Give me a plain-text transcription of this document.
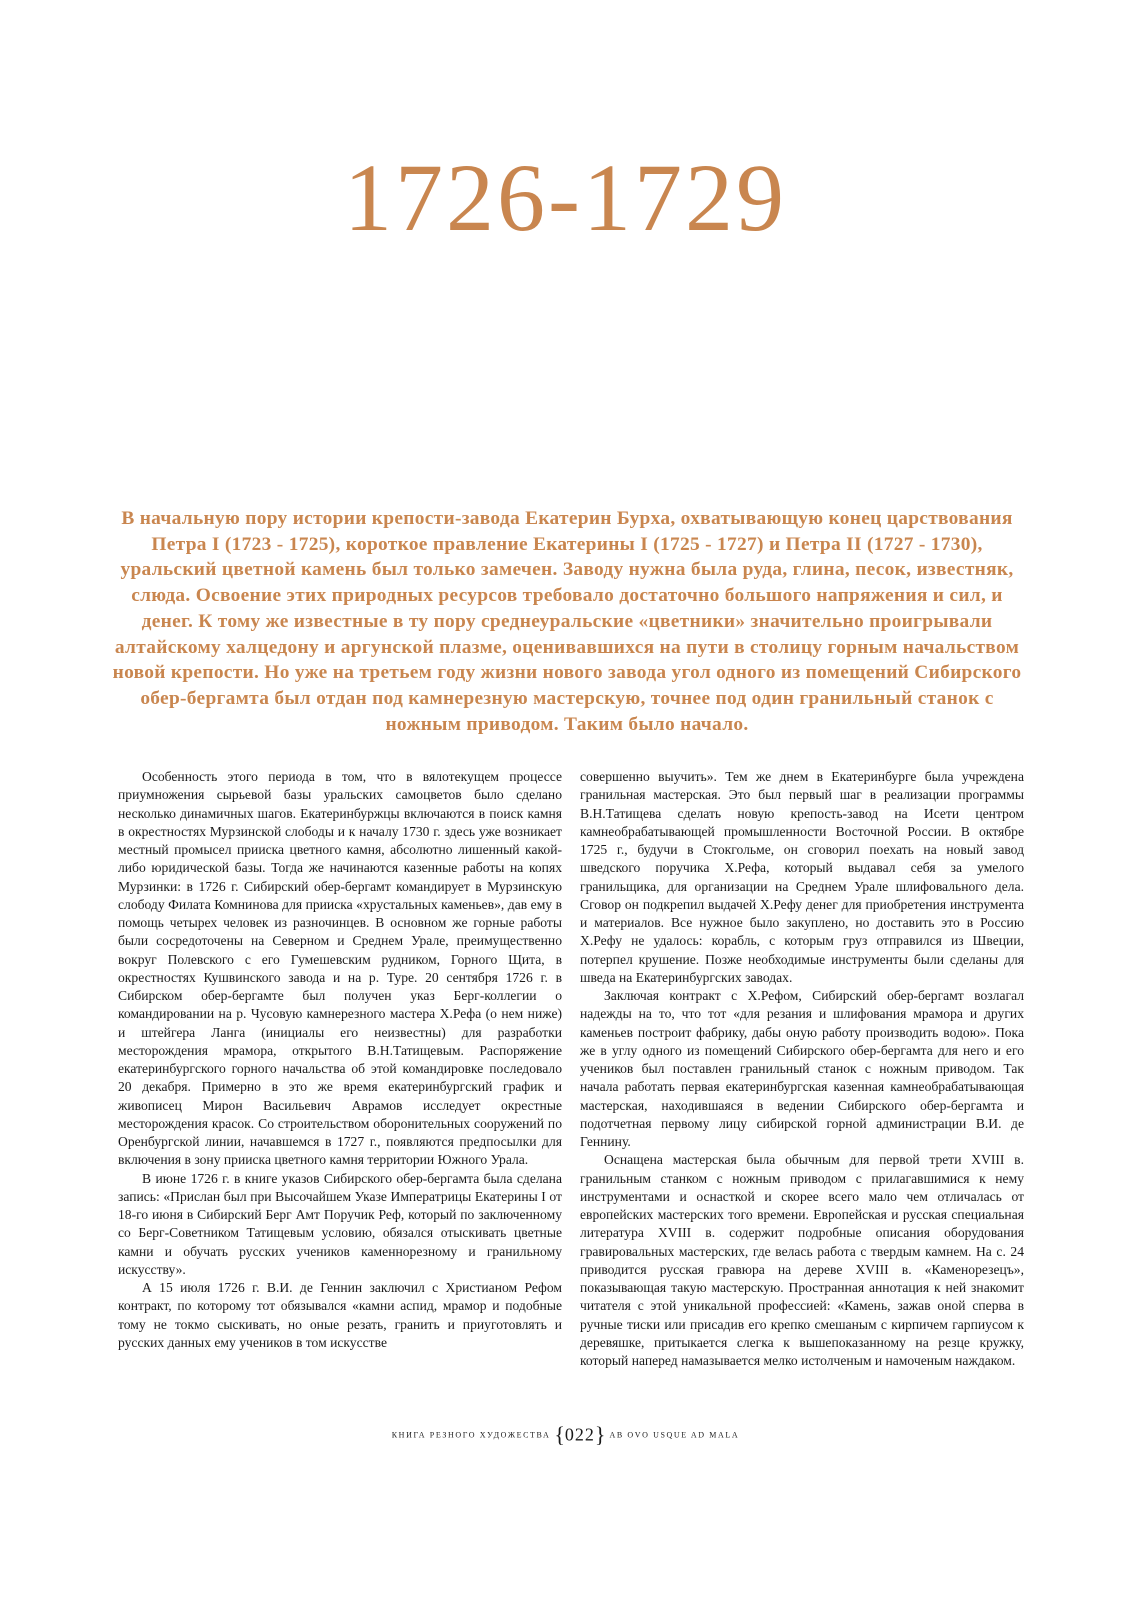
1726-1729

В начальную пору истории крепости-завода Екатерин Бурха, охватывающую конец царствования Петра I (1723 - 1725), короткое правление Екатерины I (1725 - 1727) и Петра II (1727 - 1730), уральский цветной камень был только замечен. Заводу нужна была руда, глина, песок, известняк, слюда. Освоение этих природных ресурсов требовало достаточно большого напряжения и сил, и денег. К тому же известные в ту пору среднеуральские «цветники» значительно проигрывали алтайскому халцедону и аргунской плазме, оценивавшихся на пути в столицу горным начальством новой крепости. Но уже на третьем году жизни нового завода угол одного из помещений Сибирского обер-бергамта был отдан под камнерезную мастерскую, точнее под один гранильный станок с ножным приводом. Таким было начало.

Особенность этого периода в том, что в вялотекущем процессе приумножения сырьевой базы уральских самоцветов было сделано несколько динамичных шагов. Екатеринбуржцы включаются в поиск камня в окрестностях Мурзинской слободы и к началу 1730 г. здесь уже возникает местный промысел прииска цветного камня, абсолютно лишенный какой-либо юридической базы. Тогда же начинаются казенные работы на копях Мурзинки: в 1726 г. Сибирский обер-бергамт командирует в Мурзинскую слободу Филата Комнинова для прииска «хрустальных каменьев», дав ему в помощь четырех человек из разночинцев. В основном же горные работы были сосредоточены на Северном и Среднем Урале, преимущественно вокруг Полевского с его Гумешевским рудником, Горного Щита, в окрестностях Кушвинского завода и на р. Туре. 20 сентября 1726 г. в Сибирском обер-бергамте был получен указ Берг-коллегии о командировании на р. Чусовую камнерезного мастера Х.Рефа (о нем ниже) и штейгера Ланга (инициалы его неизвестны) для разработки месторождения мрамора, открытого В.Н.Татищевым. Распоряжение екатеринбургского горного начальства об этой командировке последовало 20 декабря. Примерно в это же время екатеринбургский график и живописец Мирон Васильевич Аврамов исследует окрестные месторождения красок. Со строительством оборонительных сооружений по Оренбургской линии, начавшемся в 1727 г., появляются предпосылки для включения в зону прииска цветного камня территории Южного Урала.

В июне 1726 г. в книге указов Сибирского обер-бергамта была сделана запись: «Прислан был при Высочайшем Указе Императрицы Екатерины I от 18-го июня в Сибирский Берг Амт Поручик Реф, который по заключенному со Берг-Советником Татищевым условию, обязался отыскивать цветные камни и обучать русских учеников каменнорезному и гранильному искусству».

А 15 июля 1726 г. В.И. де Геннин заключил с Христианом Рефом контракт, по которому тот обязывался «камни аспид, мрамор и подобные тому не токмо сыскивать, но оные резать, гранить и приуготовлять и русских данных ему учеников в том искусстве

совершенно выучить». Тем же днем в Екатеринбурге была учреждена гранильная мастерская. Это был первый шаг в реализации программы В.Н.Татищева сделать новую крепость-завод на Исети центром камнеобрабатывающей промышленности Восточной России. В октябре 1725 г., будучи в Стокгольме, он сговорил поехать на новый завод шведского поручика Х.Рефа, который выдавал себя за умелого гранильщика, для организации на Среднем Урале шлифовального дела. Сговор он подкрепил выдачей Х.Рефу денег для приобретения инструмента и материалов. Все нужное было закуплено, но доставить это в Россию Х.Рефу не удалось: корабль, с которым груз отправился из Швеции, потерпел крушение. Позже необходимые инструменты были сделаны для шведа на Екатеринбургских заводах.

Заключая контракт с Х.Рефом, Сибирский обер-бергамт возлагал надежды на то, что тот «для резания и шлифования мрамора и других каменьев построит фабрику, дабы оную работу производить водою». Пока же в углу одного из помещений Сибирского обер-бергамта для него и его учеников был поставлен гранильный станок с ножным приводом. Так начала работать первая екатеринбургская казенная камнеобрабатывающая мастерская, находившаяся в ведении Сибирского обер-бергамта и подотчетная первому лицу сибирской горной администрации В.И. де Геннину.

Оснащена мастерская была обычным для первой трети XVIII в. гранильным станком с ножным приводом с прилагавшимися к нему инструментами и оснасткой и скорее всего мало чем отличалась от европейских мастерских того времени. Европейская и русская специальная литература XVIII в. содержит подробные описания оборудования гравировальных мастерских, где велась работа с твердым камнем. На с. 24 приводится русская гравюра на дереве XVIII в. «Каменорезецъ», показывающая такую мастерскую. Пространная аннотация к ней знакомит читателя с этой уникальной профессией: «Камень, зажав оной сперва в ручные тиски или присадив его крепко смешаным с кирпичем гарпиусом к деревяшке, притыкается слегка к вышепоказанному на резце кружку, который наперед намазывается мелко истолченым и намоченым наждаком.

КНИГА РЕЗНОГО ХУДОЖЕСТВА {022} AB OVO USQUE AD MALA
